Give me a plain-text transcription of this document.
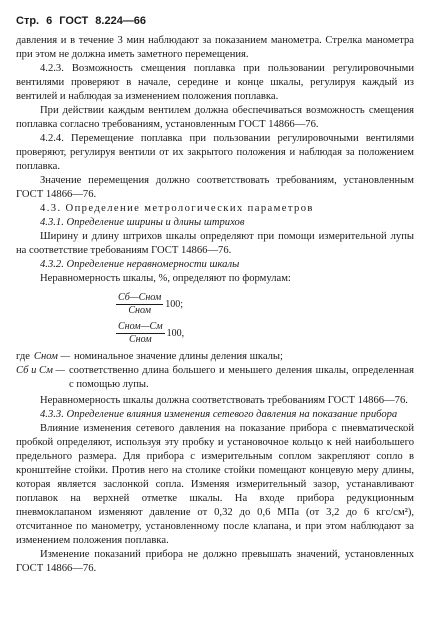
Стр. 6 ГОСТ 8.224—66

давления и в течение 3 мин наблюдают за показанием манометра. Стрелка манометра при этом не должна иметь заметного перемещения.

4.2.3. Возможность смещения поплавка при пользовании регулировочными вентилями проверяют в начале, середине и конце шкалы, регулируя каждый из вентилей и наблюдая за изменением положения поплавка.

При действии каждым вентилем должна обеспечиваться возможность смещения поплавка согласно требованиям, установленным ГОСТ 14866—76.

4.2.4. Перемещение поплавка при пользовании регулировочными вентилями проверяют, регулируя вентили от их закрытого положения и наблюдая за положением поплавка.

Значение перемещения должно соответствовать требованиям, установленным ГОСТ 14866—76.

4.3. Определение метрологических параметров

4.3.1. Определение ширины и длины штрихов

Ширину и длину штрихов шкалы определяют при помощи измерительной лупы на соответствие требованиям ГОСТ 14866—76.

4.3.2. Определение неравномерности шкалы

Неравномерность шкалы, %, определяют по формулам:

$\frac{\text{Сб—Сном}}{\text{Сном}} 100$;
$\frac{\text{Сном—См}}{\text{Сном}} 100$,
где Сном — номинальное значение длины деления шкалы;
Сб и См — соответственно длина большего и меньшего деления шкалы, определенная с помощью лупы.

Неравномерность шкалы должна соответствовать требованиям ГОСТ 14866—76.

4.3.3. Определение влияния изменения сетевого давления на показание прибора

Влияние изменения сетевого давления на показание прибора с пневматической пробкой определяют, используя эту пробку и установочное кольцо к ней наибольшего предельного размера. Для прибора с измерительным соплом закрепляют сопло в кронштейне стойки. Против него на столике стойки помещают концевую меру длины, которая является заслонкой сопла. Изменяя измерительный зазор, устанавливают поплавок на верхней отметке шкалы. На входе прибора редукционным пневмоклапаном изменяют давление от 0,32 до 0,6 МПа (от 3,2 до 6 кгс/см²), отсчитанное по манометру, установленному после клапана, и при этом наблюдают за изменением положения поплавка.

Изменение показаний прибора не должно превышать значений, установленных ГОСТ 14866—76.
